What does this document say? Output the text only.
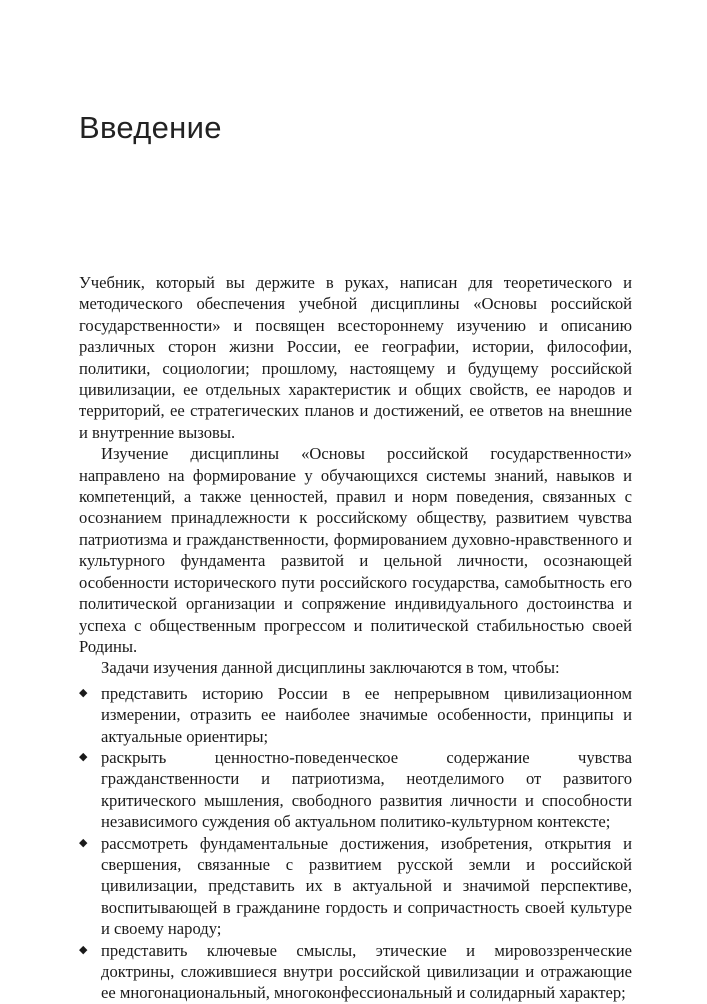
Введение

Учебник, который вы держите в руках, написан для теоретического и методического обеспечения учебной дисциплины «Основы российской государственности» и посвящен всестороннему изучению и описанию различных сторон жизни России, ее географии, истории, философии, политики, социологии; прошлому, настоящему и будущему российской цивилизации, ее отдельных характеристик и общих свойств, ее народов и территорий, ее стратегических планов и достижений, ее ответов на внешние и внутренние вызовы.

Изучение дисциплины «Основы российской государственности» направлено на формирование у обучающихся системы знаний, навыков и компетенций, а также ценностей, правил и норм поведения, связанных с осознанием принадлежности к российскому обществу, развитием чувства патриотизма и гражданственности, формированием духовно-нравственного и культурного фундамента развитой и цельной личности, осознающей особенности исторического пути российского государства, самобытность его политической организации и сопряжение индивидуального достоинства и успеха с общественным прогрессом и политической стабильностью своей Родины.

Задачи изучения данной дисциплины заключаются в том, чтобы:

◆ представить историю России в ее непрерывном цивилизационном измерении, отразить ее наиболее значимые особенности, принципы и актуальные ориентиры;
◆ раскрыть ценностно-поведенческое содержание чувства гражданственности и патриотизма, неотделимого от развитого критического мышления, свободного развития личности и способности независимого суждения об актуальном политико-культурном контексте;
◆ рассмотреть фундаментальные достижения, изобретения, открытия и свершения, связанные с развитием русской земли и российской цивилизации, представить их в актуальной и значимой перспективе, воспитывающей в гражданине гордость и сопричастность своей культуре и своему народу;
◆ представить ключевые смыслы, этические и мировоззренческие доктрины, сложившиеся внутри российской цивилизации и отражающие ее многонациональный, многоконфессиональный и солидарный характер;
